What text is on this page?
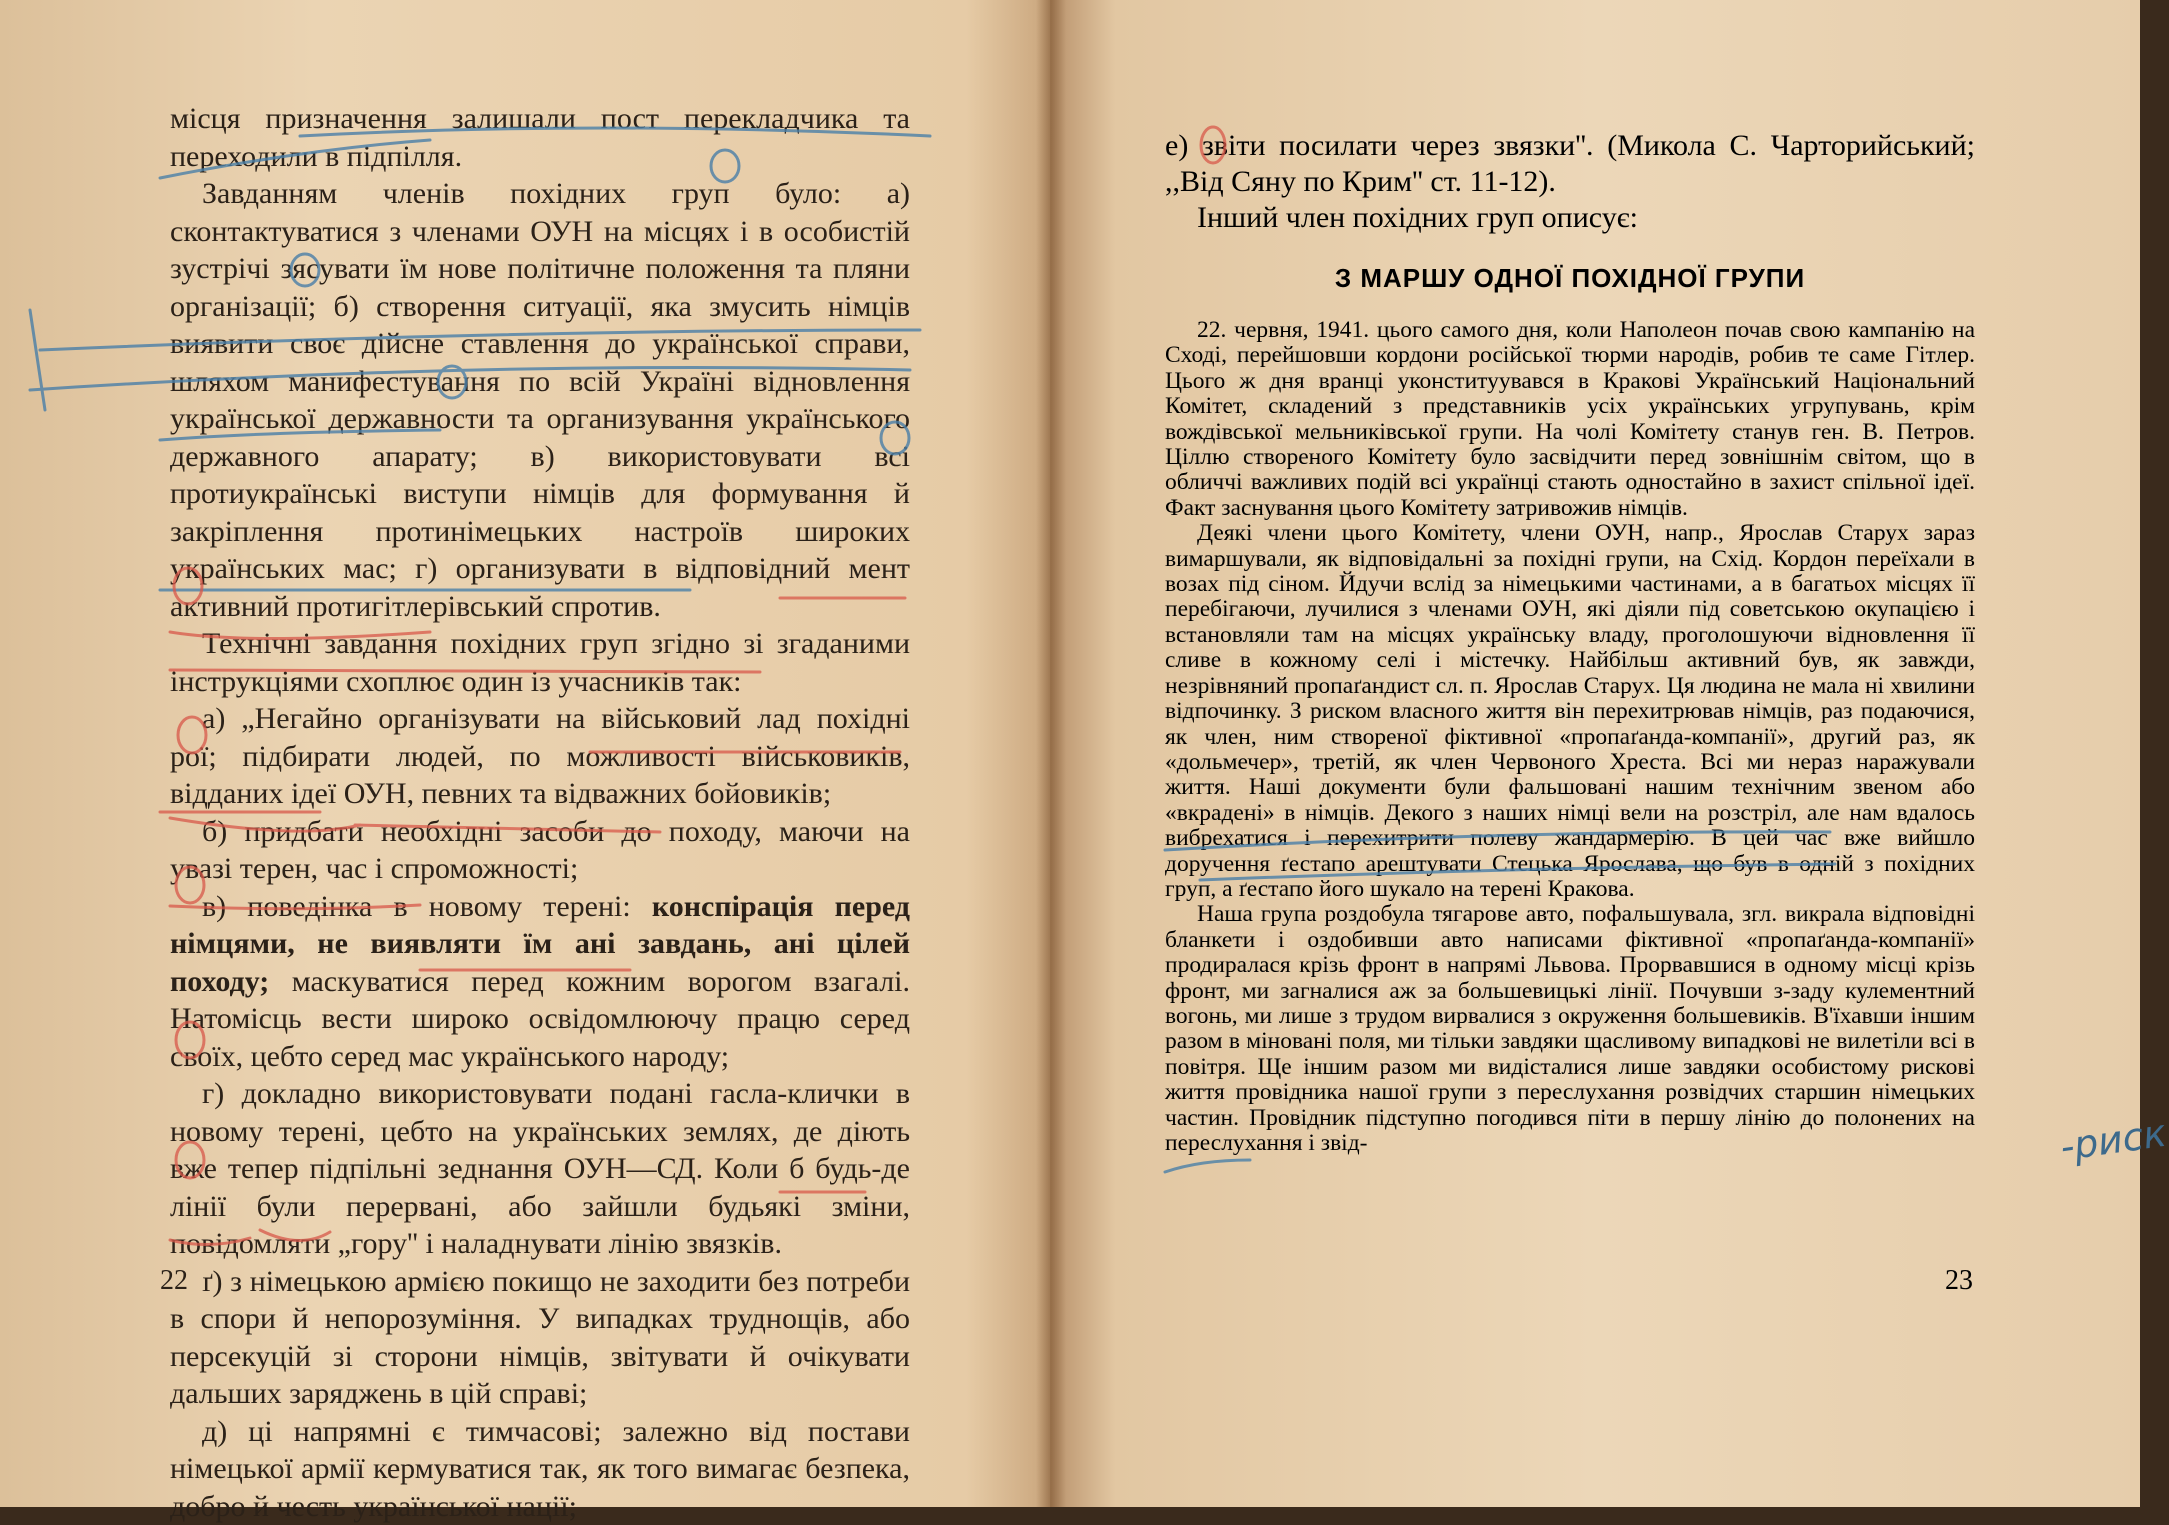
місця призначення залишали пост перекладчика та переходили в підпілля.

Завданням членів похідних груп було: а) сконтактуватися з членами ОУН на місцях і в особистій зустрічі зясувати їм нове політичне положення та пляни організації; б) створення ситуації, яка змусить німців виявити своє дійсне ставлення до української справи, шляхом манифестування по всій Україні відновлення української державности та организування українського державного апарату; в) використовувати всі протиукраїнські виступи німців для формування й закріплення протинімецьких настроїв широких українських мас; г) организувати в відповідний мент активний протигітлерівський спротив.

Технічні завдання похідних груп згідно зі згаданими інструкціями схоплює один із учасників так:

а) „Негайно організувати на військовий лад похідні рої; підбирати людей, по можливості військовиків, відданих ідеї ОУН, певних та відважних бойовиків;

б) придбати необхідні засоби до походу, маючи на увазі терен, час і спроможності;

в) поведінка в новому терені: конспірація перед німцями, не виявляти їм ані завдань, ані цілей походу; маскуватися перед кожним ворогом взагалі. Натомісць вести широко освідомлюючу працю серед своїх, цебто серед мас українського народу;

г) докладно використовувати подані гасла-клички в новому терені, цебто на українських землях, де діють вже тепер підпільні зеднання ОУН—СД. Коли б будь-де лінії були перервані, або зайшли будьякі зміни, повідомляти „гору'' і наладнувати лінію звязків.

ґ) з німецькою армією покищо не заходити без потреби в спори й непорозуміння. У випадках труднощів, або персекуцій зі сторони німців, звітувати й очікувати дальших заряджень в цій справі;

д) ці напрямні є тимчасові; залежно від постави німецької армії кермуватися так, як того вимагає безпека, добро й честь української нації;

22

е) звіти посилати через звязки''. (Микола С. Чарторийський; ,,Від Сяну по Крим'' ст. 11-12).

Інший член похідних груп описує:

З МАРШУ ОДНОЇ ПОХІДНОЇ ГРУПИ

22. червня, 1941. цього самого дня, коли Наполеон почав свою кампанію на Сході, перейшовши кордони російської тюрми народів, робив те саме Гітлер. Цього ж дня вранці уконституувався в Кракові Український Національний Комітет, складений з представників усіх українських угрупувань, крім вождівської мельниківської групи. На чолі Комітету станув ген. В. Петров. Ціллю створеного Комітету було засвідчити перед зовнішнім світом, що в обличчі важливих подій всі українці стають одностайно в захист спільної ідеї. Факт заснування цього Комітету затривожив німців.

Деякі члени цього Комітету, члени ОУН, напр., Ярослав Старух зараз вимаршували, як відповідальні за похідні групи, на Схід. Кордон переїхали в возах під сіном. Йдучи вслід за німецькими частинами, а в багатьох місцях її перебігаючи, лучилися з членами ОУН, які діяли під советською окупацією і встановляли там на місцях українську владу, проголошуючи відновлення її сливе в кожному селі і містечку. Найбільш активний був, як завжди, незрівняний пропаґандист сл. п. Ярослав Старух. Ця людина не мала ні хвилини відпочинку. З риском власного життя він перехитрював німців, раз подаючися, як член, ним створеної фіктивної «пропаґанда-компанії», другий раз, як «дольмечер», третій, як член Червоного Хреста. Всі ми нераз наражували життя. Наші документи були фальшовані нашим технічним звеном або «вкрадені» в німців. Декого з наших німці вели на розстріл, але нам вдалось вибрехатися і перехитрити полеву жандармерію. В цей час вже вийшло доручення ґестапо арештувати Стецька Ярослава, що був в одній з похідних груп, а ґестапо його шукало на терені Кракова.

Наша група роздобула тягарове авто, пофальшувала, згл. викрала відповідні бланкети і оздобивши авто написами фіктивної «пропаґанда-компанії» продиралася крізь фронт в напрямі Львова. Прорвавшися в одному місці крізь фронт, ми загналися аж за большевицькі лінії. Почувши з-заду кулементний вогонь, ми лише з трудом вирвалися з окруження большевиків. В'їхавши іншим разом в міновані поля, ми тільки завдяки щасливому випадкові не вилетіли всі в повітря. Ще іншим разом ми видісталися лише завдяки особистому рискові життя провідника нашої групи з переслухання розвідчих старшин німецьких частин. Провідник підступно погодився піти в першу лінію до полонених на переслухання і звід-

23
-риск
